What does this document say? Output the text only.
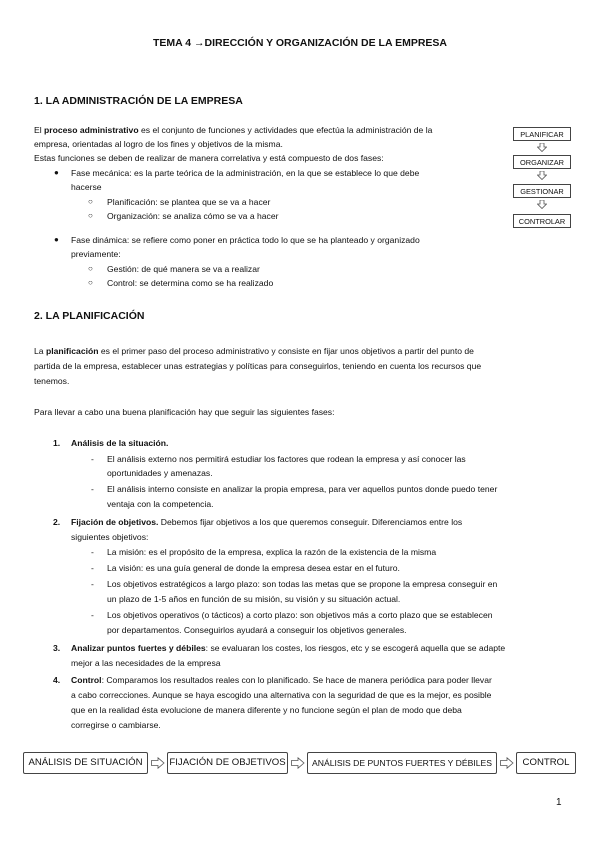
TEMA 4 →DIRECCIÓN Y ORGANIZACIÓN DE LA EMPRESA
1. LA ADMINISTRACIÓN DE LA EMPRESA
El proceso administrativo es el conjunto de funciones y actividades que efectúa la administración de la
empresa, orientadas al logro de los fines y objetivos de la misma.
Estas funciones se deben de realizar de manera correlativa y está compuesto de dos fases:
● Fase mecánica: es la parte teórica de la administración, en la que se establece lo que debe
hacerse
○ Planificación: se plantea que se va a hacer
○ Organización: se analiza cómo se va a hacer
● Fase dinámica: se refiere como poner en práctica todo lo que se ha planteado y organizado
previamente:
○ Gestión: de qué manera se va a realizar
○ Control: se determina como se ha realizado
PLANIFICAR
ORGANIZAR
GESTIONAR
CONTROLAR
2. LA PLANIFICACIÓN
La planificación es el primer paso del proceso administrativo y consiste en fijar unos objetivos a partir del punto de
partida de la empresa, establecer unas estrategias y políticas para conseguirlos, teniendo en cuenta los recursos que
tenemos.
Para llevar a cabo una buena planificación hay que seguir las siguientes fases:
1. Análisis de la situación.
- El análisis externo nos permitirá estudiar los factores que rodean la empresa y así conocer las
oportunidades y amenazas.
- El análisis interno consiste en analizar la propia empresa, para ver aquellos puntos donde puedo tener
ventaja con la competencia.
2. Fijación de objetivos. Debemos fijar objetivos a los que queremos conseguir. Diferenciamos entre los
siguientes objetivos:
- La misión: es el propósito de la empresa, explica la razón de la existencia de la misma
- La visión: es una guía general de donde la empresa desea estar en el futuro.
- Los objetivos estratégicos a largo plazo: son todas las metas que se propone la empresa conseguir en
un plazo de 1-5 años en función de su misión, su visión y su situación actual.
- Los objetivos operativos (o tácticos) a corto plazo: son objetivos más a corto plazo que se establecen
por departamentos. Conseguirlos ayudará a conseguir los objetivos generales.
3. Analizar puntos fuertes y débiles: se evaluaran los costes, los riesgos, etc y se escogerá aquella que se adapte
mejor a las necesidades de la empresa
4. Control: Comparamos los resultados reales con lo planificado. Se hace de manera periódica para poder llevar
a cabo correcciones. Aunque se haya escogido una alternativa con la seguridad de que es la mejor, es posible
que en la realidad ésta evolucione de manera diferente y no funcione según el plan de modo que deba
corregirse o cambiarse.
ANÁLISIS DE SITUACIÓN	FIJACIÓN DE OBJETIVOS	ANÁLISIS DE PUNTOS FUERTES Y DÉBILES	CONTROL
1
